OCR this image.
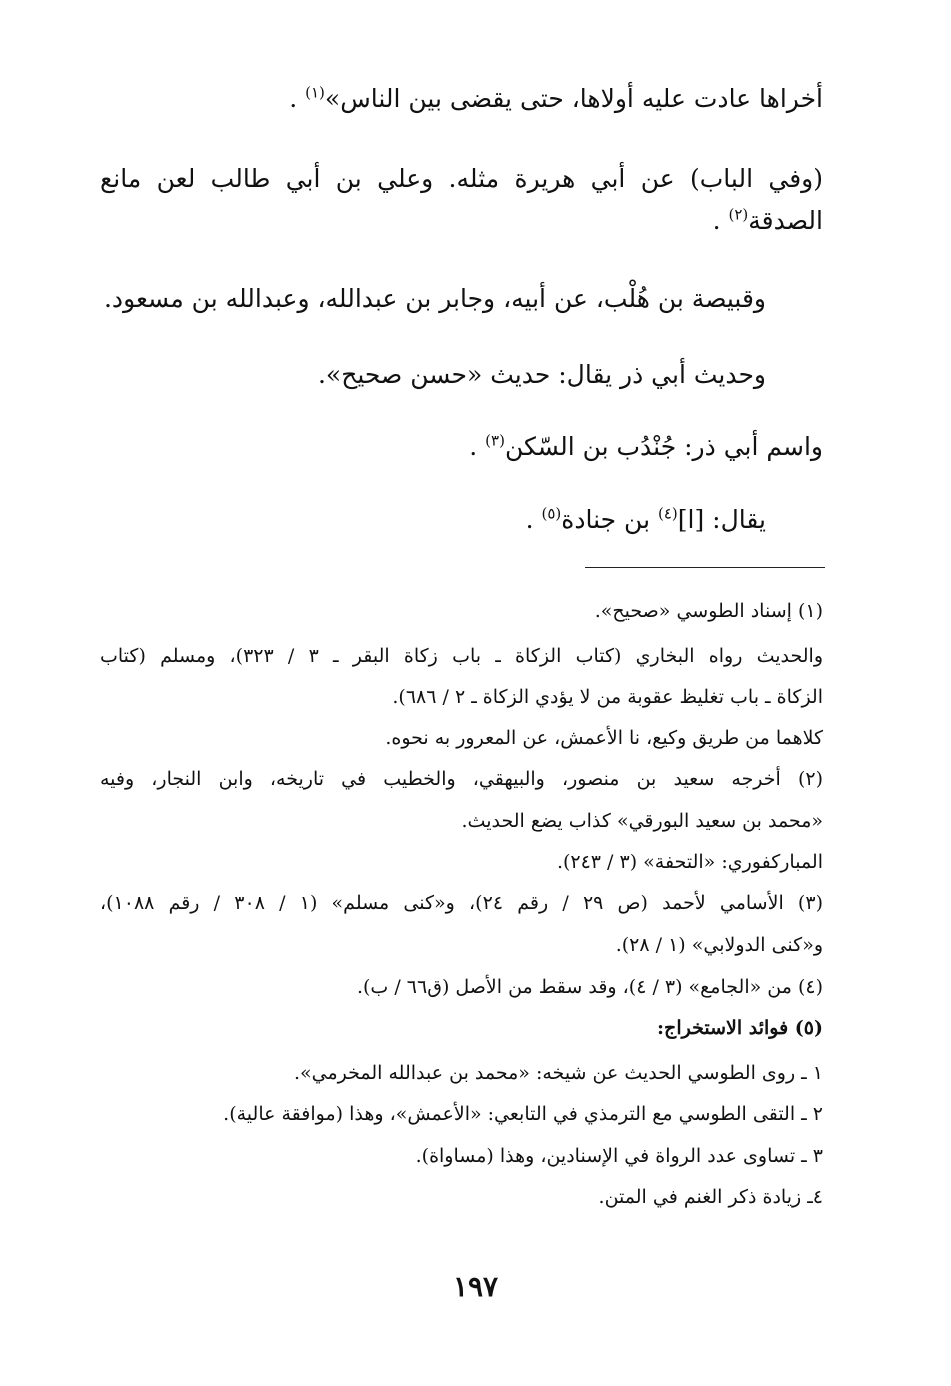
أخراها عادت عليه أولاها، حتى يقضى بين الناس»$^{(١)}$ .
(وفي الباب) عن أبي هريرة مثله. وعلي بن أبي طالب لعن مانع
الصدقة$^{(٢)}$ .
وقبيصة بن هُلْب، عن أبيه، وجابر بن عبدالله، وعبدالله بن مسعود.
وحديث أبي ذر يقال: حديث «حسن صحيح».
واسم أبي ذر: جُنْدُب بن السّكن$^{(٣)}$ .
يقال: [ا]$^{(٤)}$ بن جنادة$^{(٥)}$ .
(١) إسناد الطوسي «صحيح».
والحديث رواه البخاري (كتاب الزكاة ـ باب زكاة البقر ـ ٣ / ٣٢٣)، ومسلم (كتاب
الزكاة ـ باب تغليظ عقوبة من لا يؤدي الزكاة ـ ٢ / ٦٨٦).
كلاهما من طريق وكيع، نا الأعمش، عن المعرور به نحوه.
(٢) أخرجه سعيد بن منصور، والبيهقي، والخطيب في تاريخه، وابن النجار، وفيه
«محمد بن سعيد البورقي» كذاب يضع الحديث.
المباركفوري: «التحفة» (٣ / ٢٤٣).
(٣) الأسامي لأحمد (ص ٢٩ / رقم ٢٤)، و«كنى مسلم» (١ / ٣٠٨ / رقم ١٠٨٨)،
و«كنى الدولابي» (١ / ٢٨).
(٤) من «الجامع» (٣ / ٤)، وقد سقط من الأصل (ق٦٦ / ب).
(٥) فوائد الاستخراج:
١ ـ روى الطوسي الحديث عن شيخه: «محمد بن عبدالله المخرمي».
٢ ـ التقى الطوسي مع الترمذي في التابعي: «الأعمش»، وهذا (موافقة عالية).
٣ ـ تساوى عدد الرواة في الإسنادين، وهذا (مساواة).
٤ـ زيادة ذكر الغنم في المتن.
١٩٧
